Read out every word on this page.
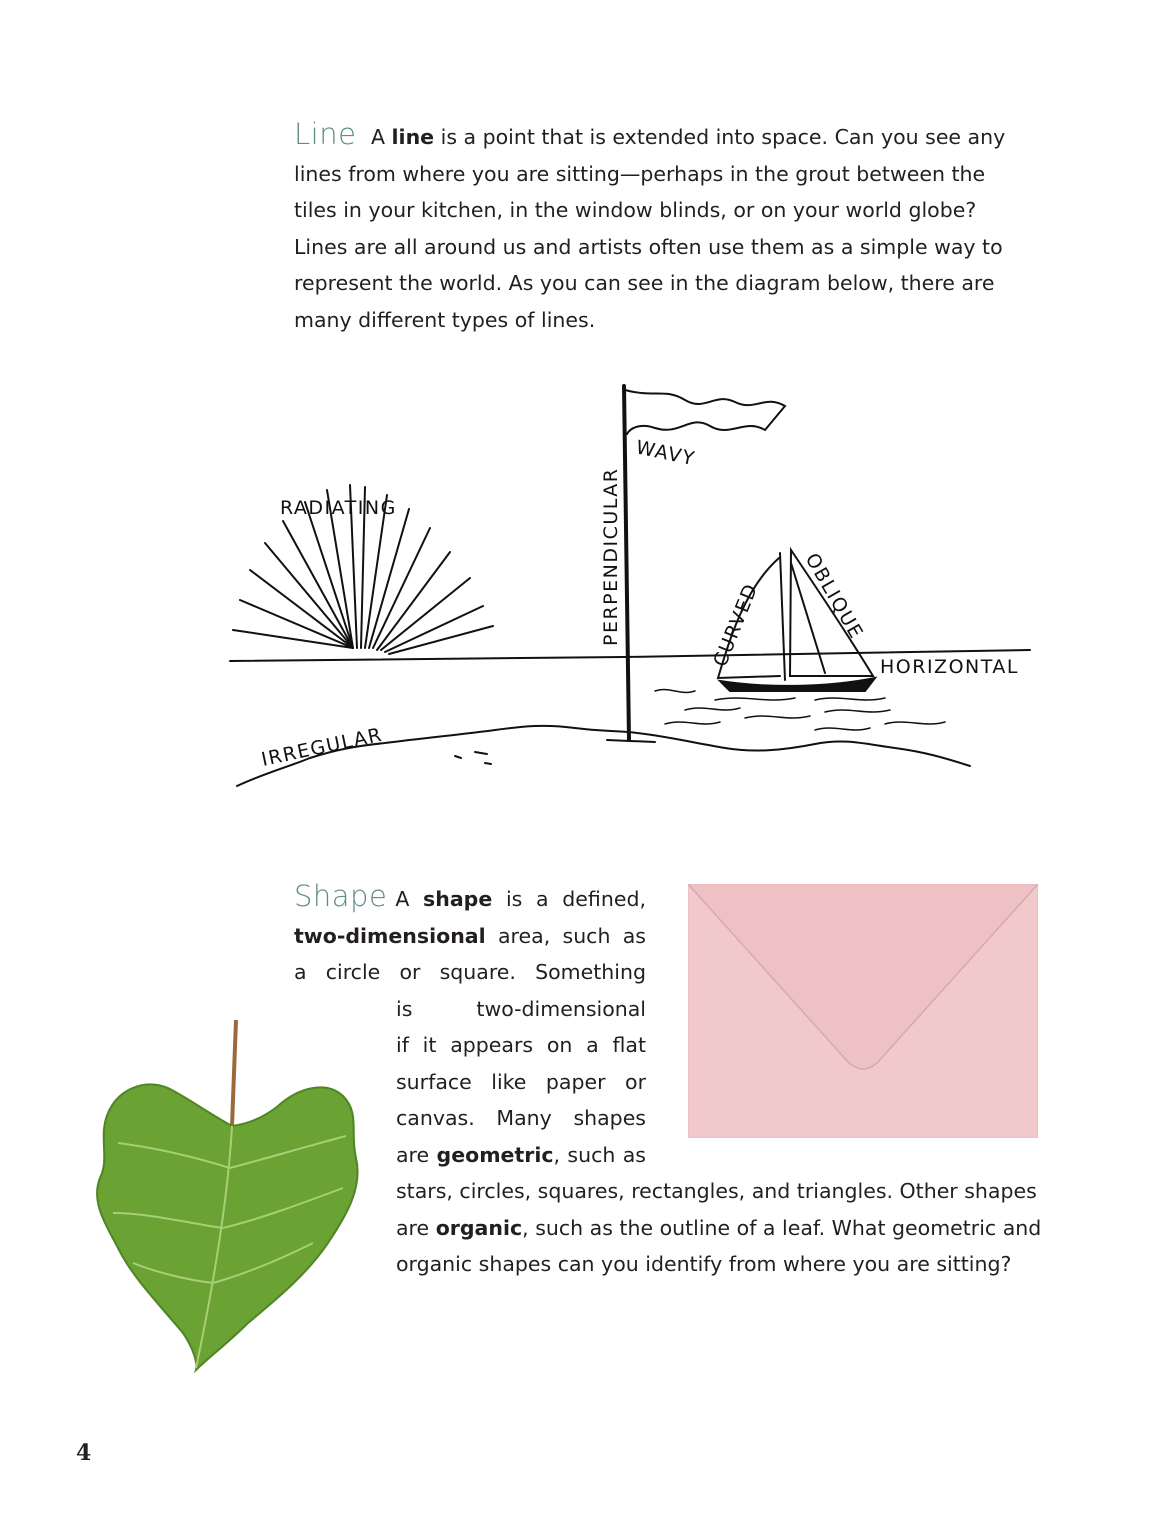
Line A line is a point that is extended into space. Can you see any lines from where you are sitting—perhaps in the grout between the tiles in your kitchen, in the window blinds, or on your world globe? Lines are all around us and artists often use them as a simple way to represent the world. As you can see in the diagram below, there are many different types of lines.

RADIATING	PERPENDICULAR
WAVY
CURVED OBLIQUE
HORIZONTAL
IRREGULAR
Shape A shape is a defined,
two-dimensional area, such as
a circle or square. Something
is two-dimensional
if it appears on a flat
surface like paper or
canvas. Many shapes
are geometric, such as
stars, circles, squares, rectangles, and triangles. Other shapes
are organic, such as the outline of a leaf. What geometric and
organic shapes can you identify from where you are sitting?
4
